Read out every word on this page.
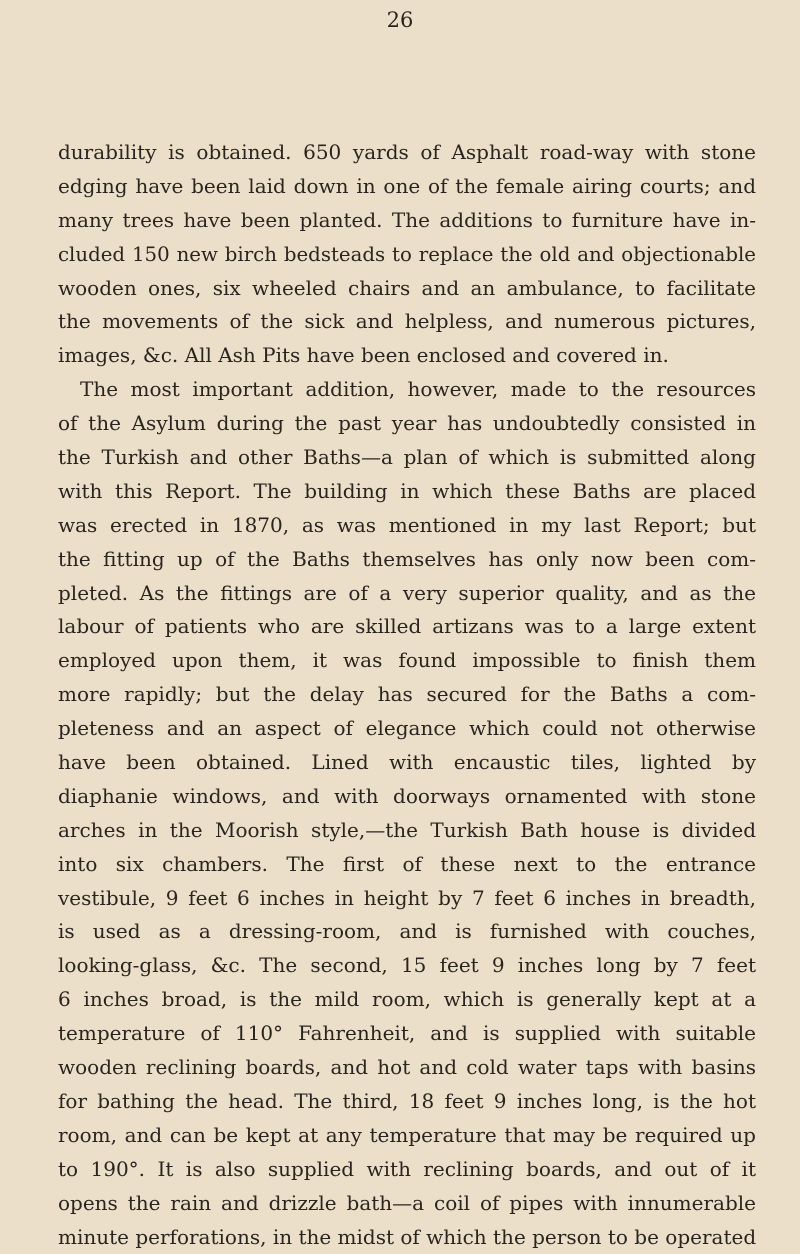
26
durability is obtained. 650 yards of Asphalt road-way with stone
edging have been laid down in one of the female airing courts; and
many trees have been planted. The additions to furniture have in-
cluded 150 new birch bedsteads to replace the old and objectionable
wooden ones, six wheeled chairs and an ambulance, to facilitate
the movements of the sick and helpless, and numerous pictures,
images, &c. All Ash Pits have been enclosed and covered in.
The most important addition, however, made to the resources
of the Asylum during the past year has undoubtedly consisted in
the Turkish and other Baths—a plan of which is submitted along
with this Report. The building in which these Baths are placed
was erected in 1870, as was mentioned in my last Report; but
the fitting up of the Baths themselves has only now been com-
pleted. As the fittings are of a very superior quality, and as the
labour of patients who are skilled artizans was to a large extent
employed upon them, it was found impossible to finish them
more rapidly; but the delay has secured for the Baths a com-
pleteness and an aspect of elegance which could not otherwise
have been obtained. Lined with encaustic tiles, lighted by
diaphanie windows, and with doorways ornamented with stone
arches in the Moorish style,—the Turkish Bath house is divided
into six chambers. The first of these next to the entrance
vestibule, 9 feet 6 inches in height by 7 feet 6 inches in breadth,
is used as a dressing-room, and is furnished with couches,
looking-glass, &c. The second, 15 feet 9 inches long by 7 feet
6 inches broad, is the mild room, which is generally kept at a
temperature of 110° Fahrenheit, and is supplied with suitable
wooden reclining boards, and hot and cold water taps with basins
for bathing the head. The third, 18 feet 9 inches long, is the hot
room, and can be kept at any temperature that may be required up
to 190°. It is also supplied with reclining boards, and out of it
opens the rain and drizzle bath—a coil of pipes with innumerable
minute perforations, in the midst of which the person to be operated
